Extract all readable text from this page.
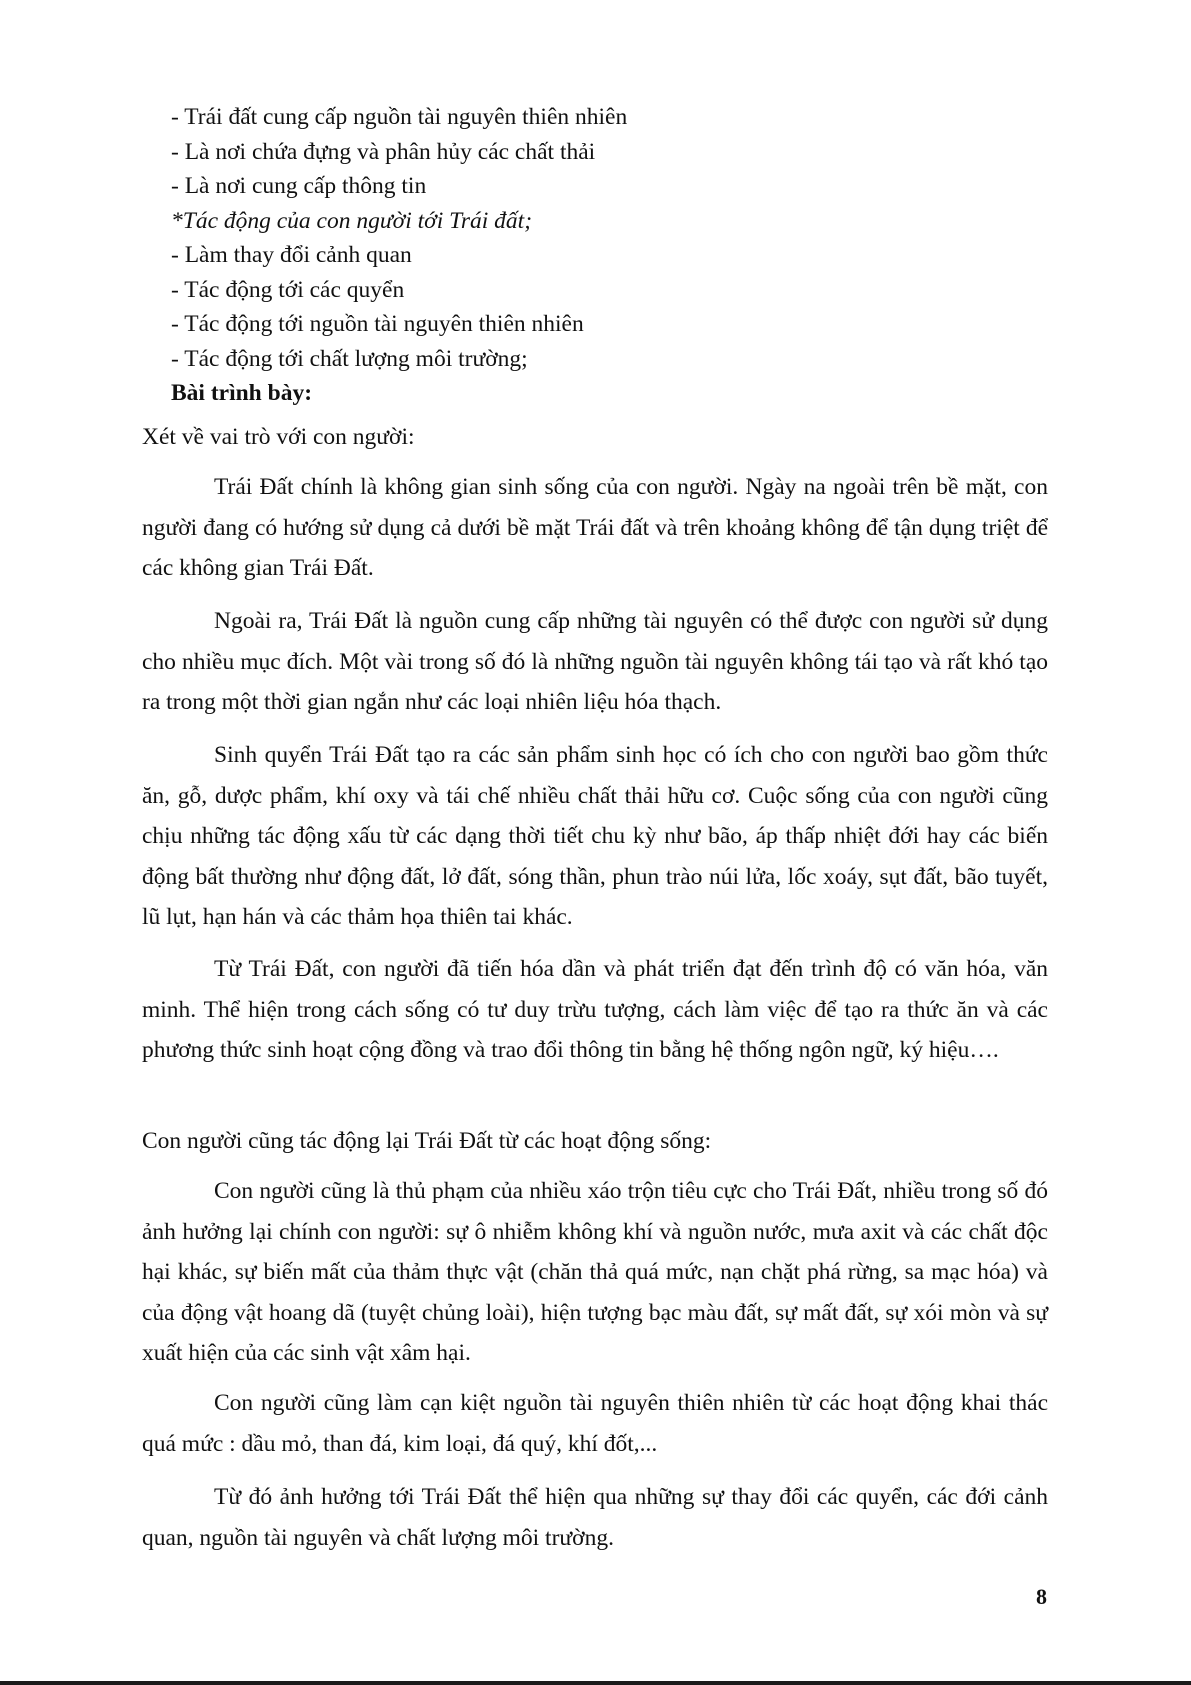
- Trái đất cung cấp nguồn tài nguyên thiên nhiên
- Là nơi chứa đựng và phân hủy các chất thải
- Là nơi cung cấp thông tin
*Tác động của con người tới Trái đất;
- Làm thay đổi cảnh quan
- Tác động tới các quyển
- Tác động tới nguồn tài nguyên thiên nhiên
- Tác động tới chất lượng môi trường;
Bài trình bày:

Xét về vai trò với con người:

Trái Đất chính là không gian sinh sống của con người. Ngày na ngoài trên bề mặt, con người đang có hướng sử dụng cả dưới bề mặt Trái đất và trên khoảng không để tận dụng triệt để các không gian Trái Đất.

Ngoài ra, Trái Đất là nguồn cung cấp những tài nguyên có thể được con người sử dụng cho nhiều mục đích. Một vài trong số đó là những nguồn tài nguyên không tái tạo và rất khó tạo ra trong một thời gian ngắn như các loại nhiên liệu hóa thạch.

Sinh quyển Trái Đất tạo ra các sản phẩm sinh học có ích cho con người bao gồm thức ăn, gỗ, dược phẩm, khí oxy và tái chế nhiều chất thải hữu cơ. Cuộc sống của con người cũng chịu những tác động xấu từ các dạng thời tiết chu kỳ như bão, áp thấp nhiệt đới hay các biến động bất thường như động đất, lở đất, sóng thần, phun trào núi lửa, lốc xoáy, sụt đất, bão tuyết, lũ lụt, hạn hán và các thảm họa thiên tai khác.

Từ Trái Đất, con người đã tiến hóa dần và phát triển đạt đến trình độ có văn hóa, văn minh. Thể hiện trong cách sống có tư duy trừu tượng, cách làm việc để tạo ra thức ăn và các phương thức sinh hoạt cộng đồng và trao đổi thông tin bằng hệ thống ngôn ngữ, ký hiệu….

Con người cũng tác động lại Trái Đất từ các hoạt động sống:

Con người cũng là thủ phạm của nhiều xáo trộn tiêu cực cho Trái Đất, nhiều trong số đó ảnh hưởng lại chính con người: sự ô nhiễm không khí và nguồn nước, mưa axit và các chất độc hại khác, sự biến mất của thảm thực vật (chăn thả quá mức, nạn chặt phá rừng, sa mạc hóa) và của động vật hoang dã (tuyệt chủng loài), hiện tượng bạc màu đất, sự mất đất, sự xói mòn và sự xuất hiện của các sinh vật xâm hại.

Con người cũng làm cạn kiệt nguồn tài nguyên thiên nhiên từ các hoạt động khai thác quá mức : dầu mỏ, than đá, kim loại, đá quý, khí đốt,...

Từ đó ảnh hưởng tới Trái Đất thể hiện qua những sự thay đổi các quyển, các đới cảnh quan, nguồn tài nguyên và chất lượng môi trường.

8
